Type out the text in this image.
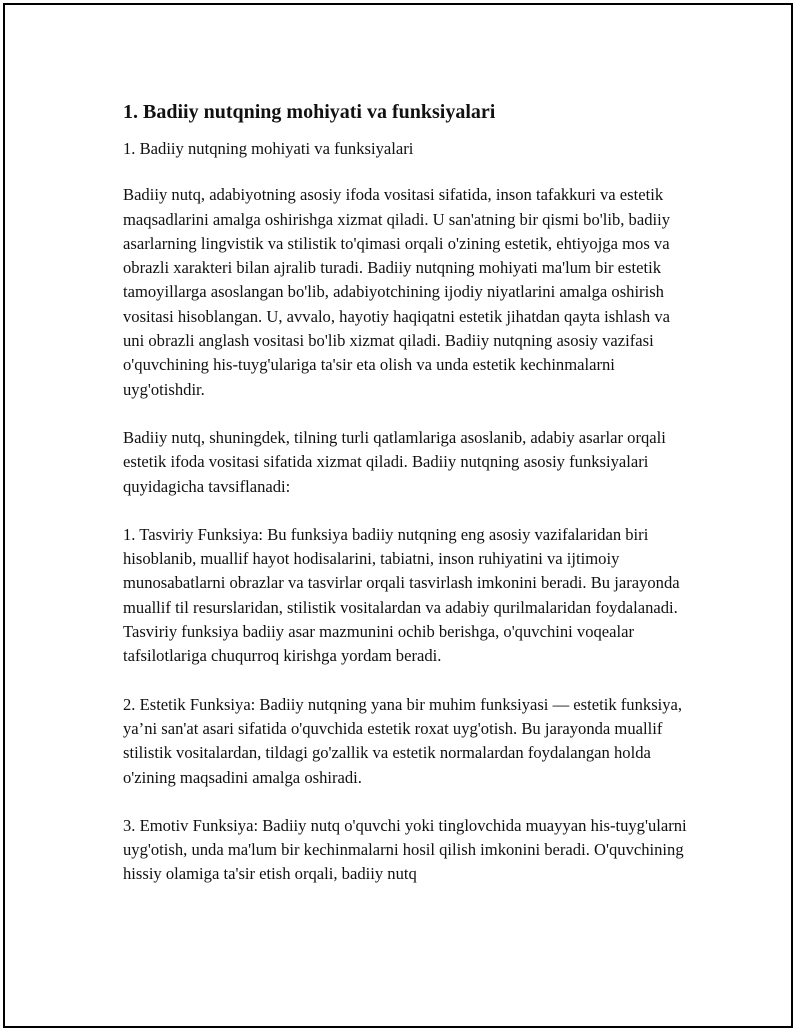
1. Badiiy nutqning mohiyati va funksiyalari

1. Badiiy nutqning mohiyati va funksiyalari

Badiiy nutq, adabiyotning asosiy ifoda vositasi sifatida, inson tafakkuri va estetik maqsadlarini amalga oshirishga xizmat qiladi. U san'atning bir qismi bo'lib, badiiy asarlarning lingvistik va stilistik to'qimasi orqali o'zining estetik, ehtiyojga mos va obrazli xarakteri bilan ajralib turadi. Badiiy nutqning mohiyati ma'lum bir estetik tamoyillarga asoslangan bo'lib, adabiyotchining ijodiy niyatlarini amalga oshirish vositasi hisoblangan. U, avvalo, hayotiy haqiqatni estetik jihatdan qayta ishlash va uni obrazli anglash vositasi bo'lib xizmat qiladi. Badiiy nutqning asosiy vazifasi o'quvchining his-tuyg'ulariga ta'sir eta olish va unda estetik kechinmalarni uyg'otishdir.

Badiiy nutq, shuningdek, tilning turli qatlamlariga asoslanib, adabiy asarlar orqali estetik ifoda vositasi sifatida xizmat qiladi. Badiiy nutqning asosiy funksiyalari quyidagicha tavsiflanadi:

1. Tasviriy Funksiya: Bu funksiya badiiy nutqning eng asosiy vazifalaridan biri hisoblanib, muallif hayot hodisalarini, tabiatni, inson ruhiyatini va ijtimoiy munosabatlarni obrazlar va tasvirlar orqali tasvirlash imkonini beradi. Bu jarayonda muallif til resurslaridan, stilistik vositalardan va adabiy qurilmalaridan foydalanadi. Tasviriy funksiya badiiy asar mazmunini ochib berishga, o'quvchini voqealar tafsilotlariga chuqurroq kirishga yordam beradi.

2. Estetik Funksiya: Badiiy nutqning yana bir muhim funksiyasi — estetik funksiya, ya’ni san'at asari sifatida o'quvchida estetik roxat uyg'otish. Bu jarayonda muallif stilistik vositalardan, tildagi go'zallik va estetik normalardan foydalangan holda o'zining maqsadini amalga oshiradi.

3. Emotiv Funksiya: Badiiy nutq o'quvchi yoki tinglovchida muayyan his-tuyg'ularni uyg'otish, unda ma'lum bir kechinmalarni hosil qilish imkonini beradi. O'quvchining hissiy olamiga ta'sir etish orqali, badiiy nutq
